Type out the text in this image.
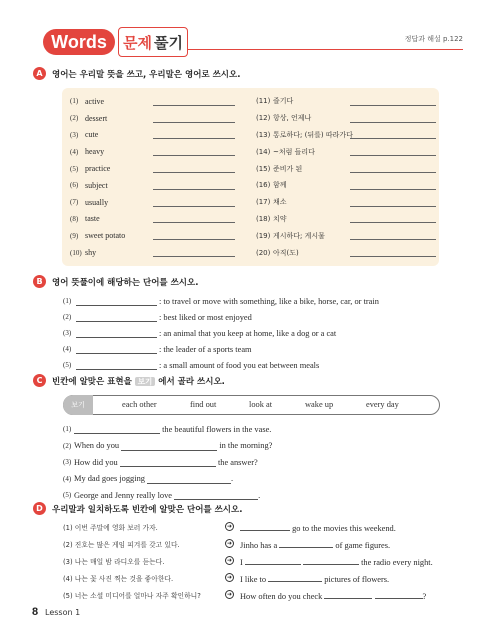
Words	문제 풀기	정답과 해설 p.122
A	영어는 우리말 뜻을 쓰고, 우리말은 영어로 쓰시오.
(1) active
(2) dessert
(3) cute
(4) heavy
(5) practice
(6) subject
(7) usually
(8) taste
(9) sweet potato
(10) shy
(11) 즐기다
(12) 항상, 언제나
(13) 통로하다; (뒤를) 따라가다
(14) ~처럼 들리다
(15) 준비가 된
(16) 함께
(17) 채소
(18) 치약
(19) 게시하다; 게시물
(20) 아직(도)
B	영어 뜻풀이에 해당하는 단어를 쓰시오.
(1)	: to travel or move with something, like a bike, horse, car, or train
(2)	: best liked or most enjoyed
(3)	: an animal that you keep at home, like a dog or a cat
(4)	: the leader of a sports team
(5)	: a small amount of food you eat between meals
C	빈칸에 알맞은 표현을 보기 에서 골라 쓰시오.
보기	each other	find out	look at	wake up	every day
(1)	the beautiful flowers in the vase.
(2) When do you	in the morning?
(3) How did you	the answer?
(4) My dad goes jogging	.
(5) George and Jenny really love	.
D	우리말과 일치하도록 빈칸에 알맞은 단어를 쓰시오.
(1) 이번 주말에 영화 보러 가자.	➜	go to the movies this weekend.
(2) 진호는 많은 게임 피겨를 갖고 있다.	➜ Jinho has a	of game figures.
(3) 나는 매일 밤 라디오를 듣는다.	➜ I	the radio every night.
(4) 나는 꽃 사진 찍는 것을 좋아한다.	➜ I like to	pictures of flowers.
(5) 너는 소셜 미디어를 얼마나 자주 확인하니?	➜ How often do you check	?
8 Lesson 1
